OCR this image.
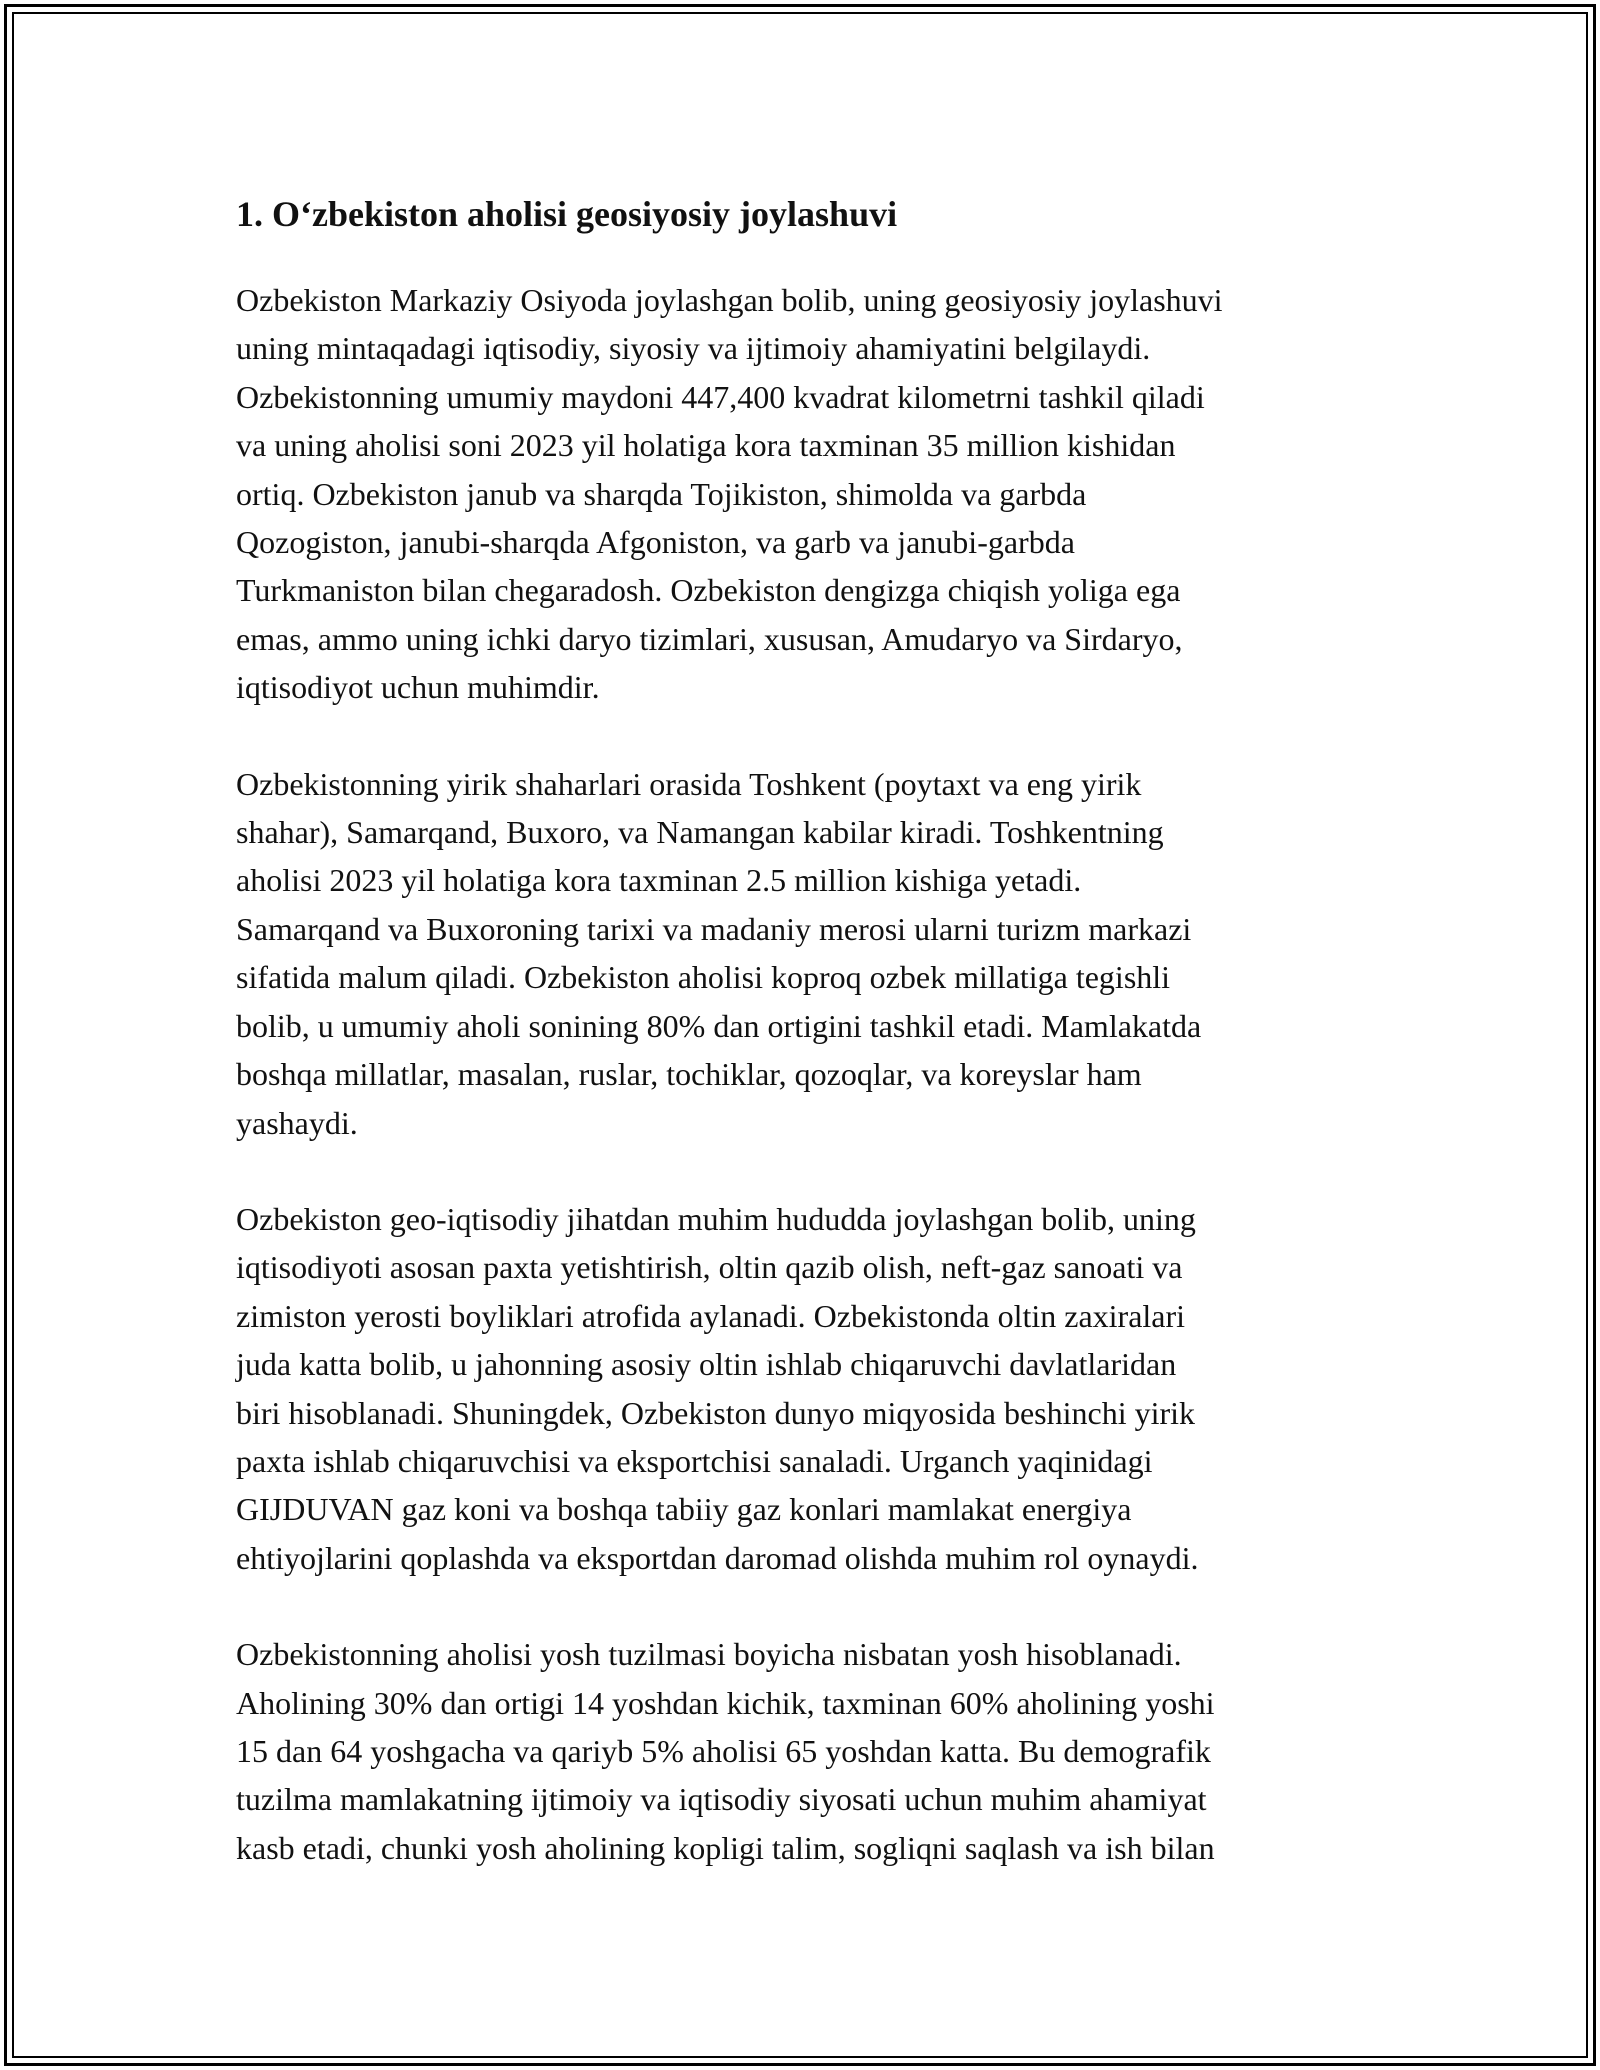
1. O‘zbekiston aholisi geosiyosiy joylashuvi
Ozbekiston Markaziy Osiyoda joylashgan bolib, uning geosiyosiy joylashuvi
uning mintaqadagi iqtisodiy, siyosiy va ijtimoiy ahamiyatini belgilaydi.
Ozbekistonning umumiy maydoni 447,400 kvadrat kilometrni tashkil qiladi
va uning aholisi soni 2023 yil holatiga kora taxminan 35 million kishidan
ortiq. Ozbekiston janub va sharqda Tojikiston, shimolda va garbda
Qozogiston, janubi-sharqda Afgoniston, va garb va janubi-garbda
Turkmaniston bilan chegaradosh. Ozbekiston dengizga chiqish yoliga ega
emas, ammo uning ichki daryo tizimlari, xususan, Amudaryo va Sirdaryo,
iqtisodiyot uchun muhimdir.
Ozbekistonning yirik shaharlari orasida Toshkent (poytaxt va eng yirik
shahar), Samarqand, Buxoro, va Namangan kabilar kiradi. Toshkentning
aholisi 2023 yil holatiga kora taxminan 2.5 million kishiga yetadi.
Samarqand va Buxoroning tarixi va madaniy merosi ularni turizm markazi
sifatida malum qiladi. Ozbekiston aholisi koproq ozbek millatiga tegishli
bolib, u umumiy aholi sonining 80% dan ortigini tashkil etadi. Mamlakatda
boshqa millatlar, masalan, ruslar, tochiklar, qozoqlar, va koreyslar ham
yashaydi.
Ozbekiston geo-iqtisodiy jihatdan muhim hududda joylashgan bolib, uning
iqtisodiyoti asosan paxta yetishtirish, oltin qazib olish, neft-gaz sanoati va
zimiston yerosti boyliklari atrofida aylanadi. Ozbekistonda oltin zaxiralari
juda katta bolib, u jahonning asosiy oltin ishlab chiqaruvchi davlatlaridan
biri hisoblanadi. Shuningdek, Ozbekiston dunyo miqyosida beshinchi yirik
paxta ishlab chiqaruvchisi va eksportchisi sanaladi. Urganch yaqinidagi
GIJDUVAN gaz koni va boshqa tabiiy gaz konlari mamlakat energiya
ehtiyojlarini qoplashda va eksportdan daromad olishda muhim rol oynaydi.
Ozbekistonning aholisi yosh tuzilmasi boyicha nisbatan yosh hisoblanadi.
Aholining 30% dan ortigi 14 yoshdan kichik, taxminan 60% aholining yoshi
15 dan 64 yoshgacha va qariyb 5% aholisi 65 yoshdan katta. Bu demografik
tuzilma mamlakatning ijtimoiy va iqtisodiy siyosati uchun muhim ahamiyat
kasb etadi, chunki yosh aholining kopligi talim, sogliqni saqlash va ish bilan
